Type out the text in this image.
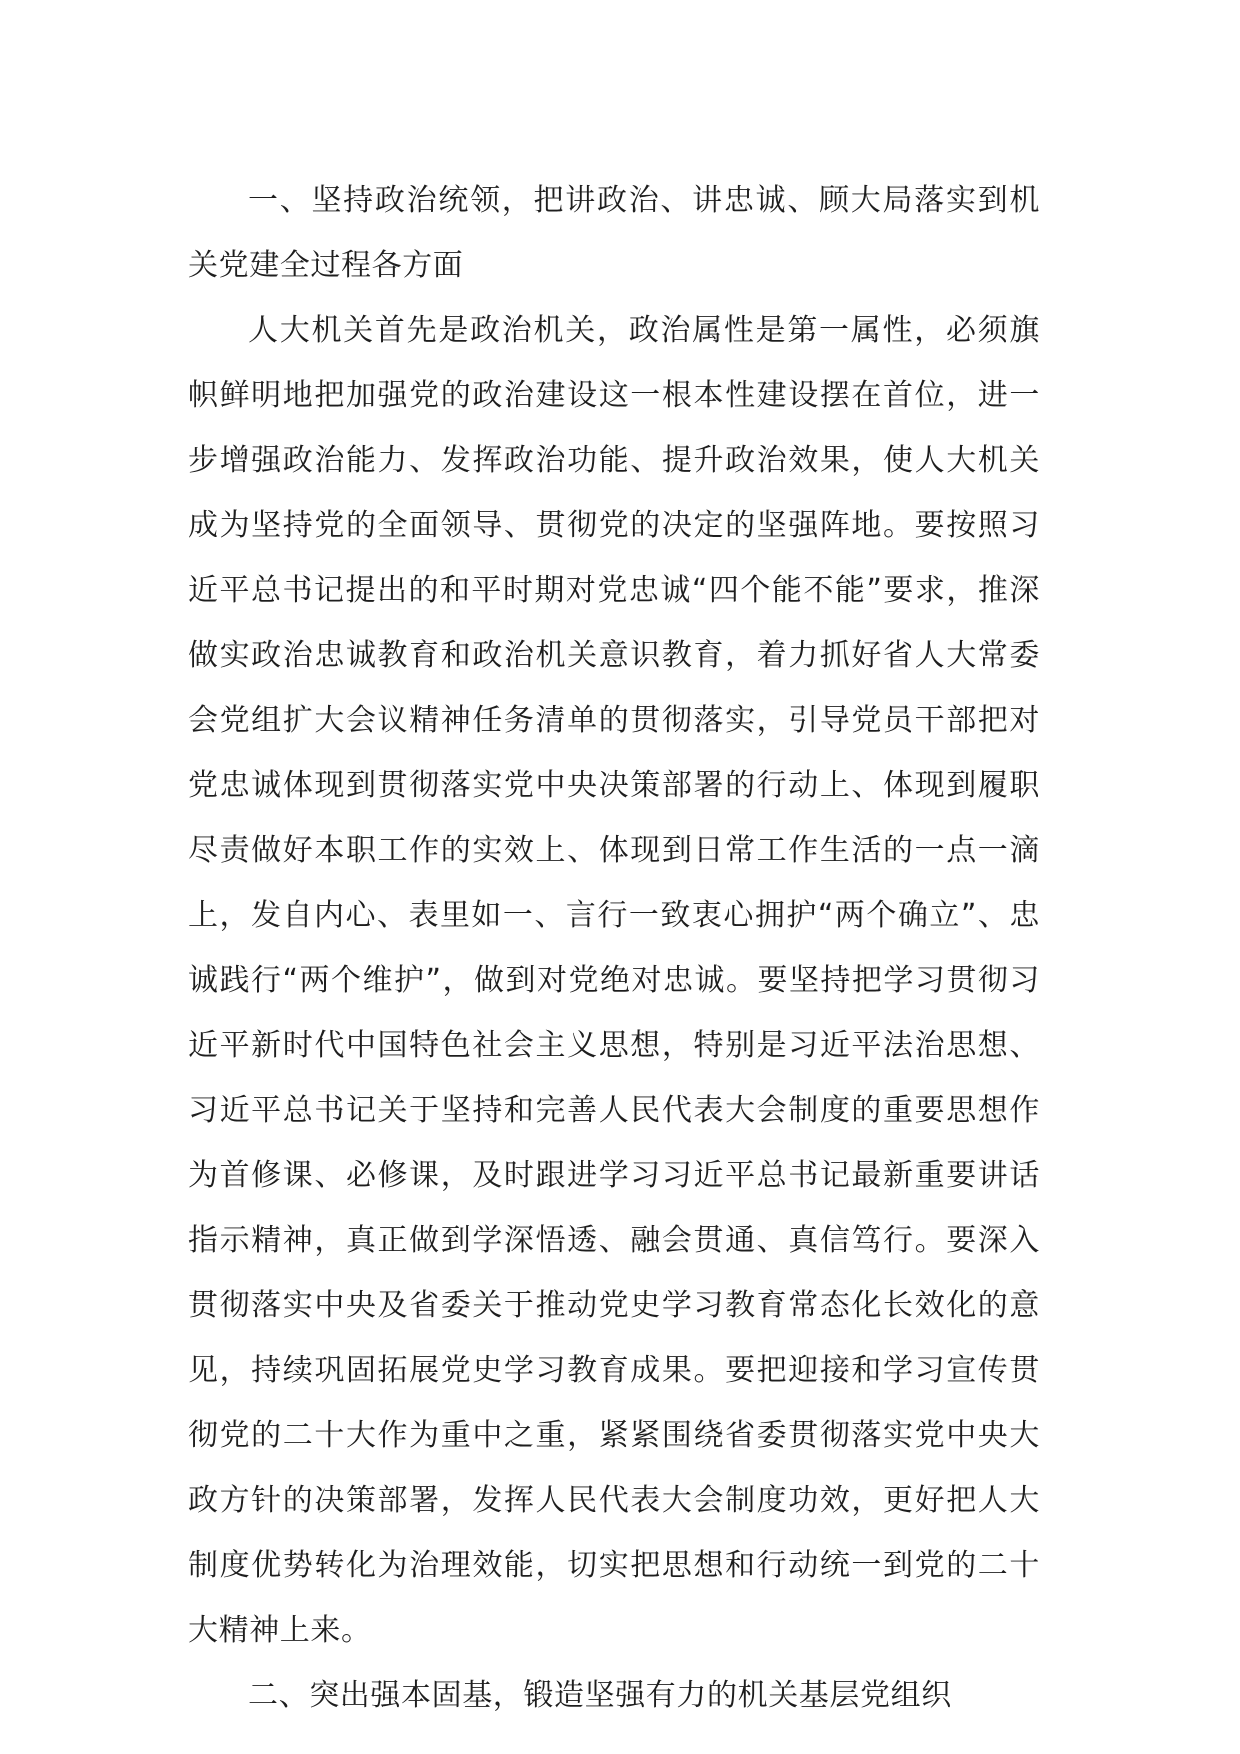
一、坚持政治统领，把讲政治、讲忠诚、顾大局落实到机关党建全过程各方面

人大机关首先是政治机关，政治属性是第一属性，必须旗帜鲜明地把加强党的政治建设这一根本性建设摆在首位，进一步增强政治能力、发挥政治功能、提升政治效果，使人大机关成为坚持党的全面领导、贯彻党的决定的坚强阵地。要按照习近平总书记提出的和平时期对党忠诚“四个能不能”要求，推深做实政治忠诚教育和政治机关意识教育，着力抓好省人大常委会党组扩大会议精神任务清单的贯彻落实，引导党员干部把对党忠诚体现到贯彻落实党中央决策部署的行动上、体现到履职尽责做好本职工作的实效上、体现到日常工作生活的一点一滴上，发自内心、表里如一、言行一致衷心拥护“两个确立”、忠诚践行“两个维护”，做到对党绝对忠诚。要坚持把学习贯彻习近平新时代中国特色社会主义思想，特别是习近平法治思想、习近平总书记关于坚持和完善人民代表大会制度的重要思想作为首修课、必修课，及时跟进学习习近平总书记最新重要讲话指示精神，真正做到学深悟透、融会贯通、真信笃行。要深入贯彻落实中央及省委关于推动党史学习教育常态化长效化的意见，持续巩固拓展党史学习教育成果。要把迎接和学习宣传贯彻党的二十大作为重中之重，紧紧围绕省委贯彻落实党中央大政方针的决策部署，发挥人民代表大会制度功效，更好把人大制度优势转化为治理效能，切实把思想和行动统一到党的二十大精神上来。

二、突出强本固基，锻造坚强有力的机关基层党组织
